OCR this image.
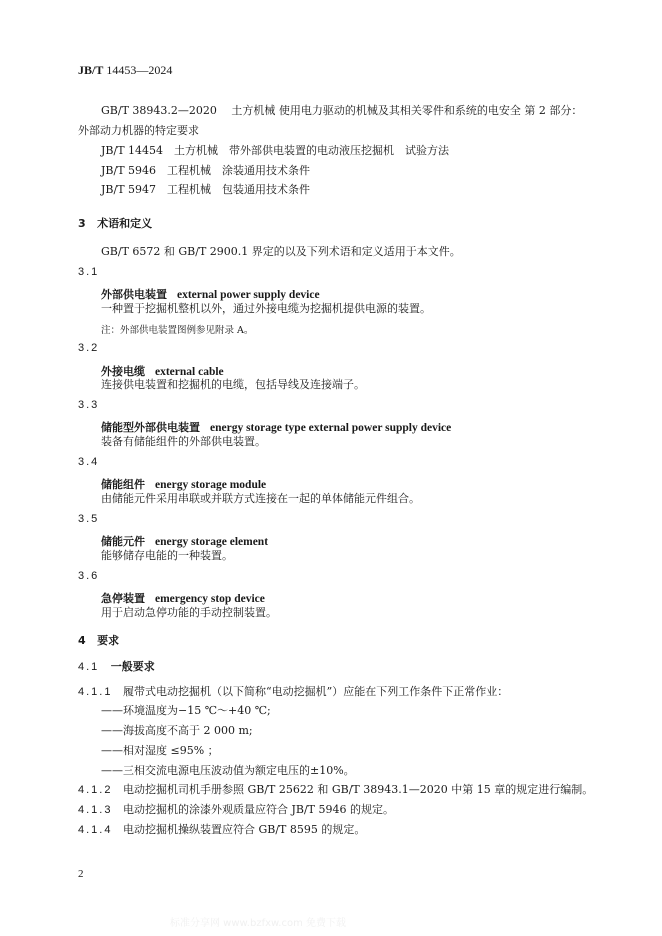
JB/T 14453—2024
GB/T 38943.2—2020　 土方机械 使用电力驱动的机械及其相关零件和系统的电安全 第 2 部分：
外部动力机器的特定要求
JB/T 14454　土方机械　带外部供电装置的电动液压挖掘机　试验方法
JB/T 5946　工程机械　涂装通用技术条件
JB/T 5947　工程机械　包装通用技术条件
3 术语和定义
GB/T 6572 和 GB/T 2900.1 界定的以及下列术语和定义适用于本文件。
3.1
外部供电装置 external power supply device
一种置于挖掘机整机以外，通过外接电缆为挖掘机提供电源的装置。
注：外部供电装置图例参见附录 A。
3.2
外接电缆 external cable
连接供电装置和挖掘机的电缆，包括导线及连接端子。
3.3
储能型外部供电装置 energy storage type external power supply device
装备有储能组件的外部供电装置。
3.4
储能组件 energy storage module
由储能元件采用串联或并联方式连接在一起的单体储能元件组合。
3.5
储能元件 energy storage element
能够储存电能的一种装置。
3.6
急停装置 emergency stop device
用于启动急停功能的手动控制装置。
4 要求
4.1 一般要求
4.1.1 履带式电动挖掘机（以下简称“电动挖掘机”）应能在下列工作条件下正常作业：
——环境温度为−15 ℃～+40 ℃;
——海拔高度不高于 2 000 m;
——相对湿度 ≤95% ；
——三相交流电源电压波动值为额定电压的±10%。
4.1.2 电动挖掘机司机手册参照 GB/T 25622 和 GB/T 38943.1—2020 中第 15 章的规定进行编制。
4.1.3 电动挖掘机的涂漆外观质量应符合 JB/T 5946 的规定。
4.1.4 电动挖掘机操纵装置应符合 GB/T 8595 的规定。
2
标准分享网 www.bzfxw.com 免费下载
